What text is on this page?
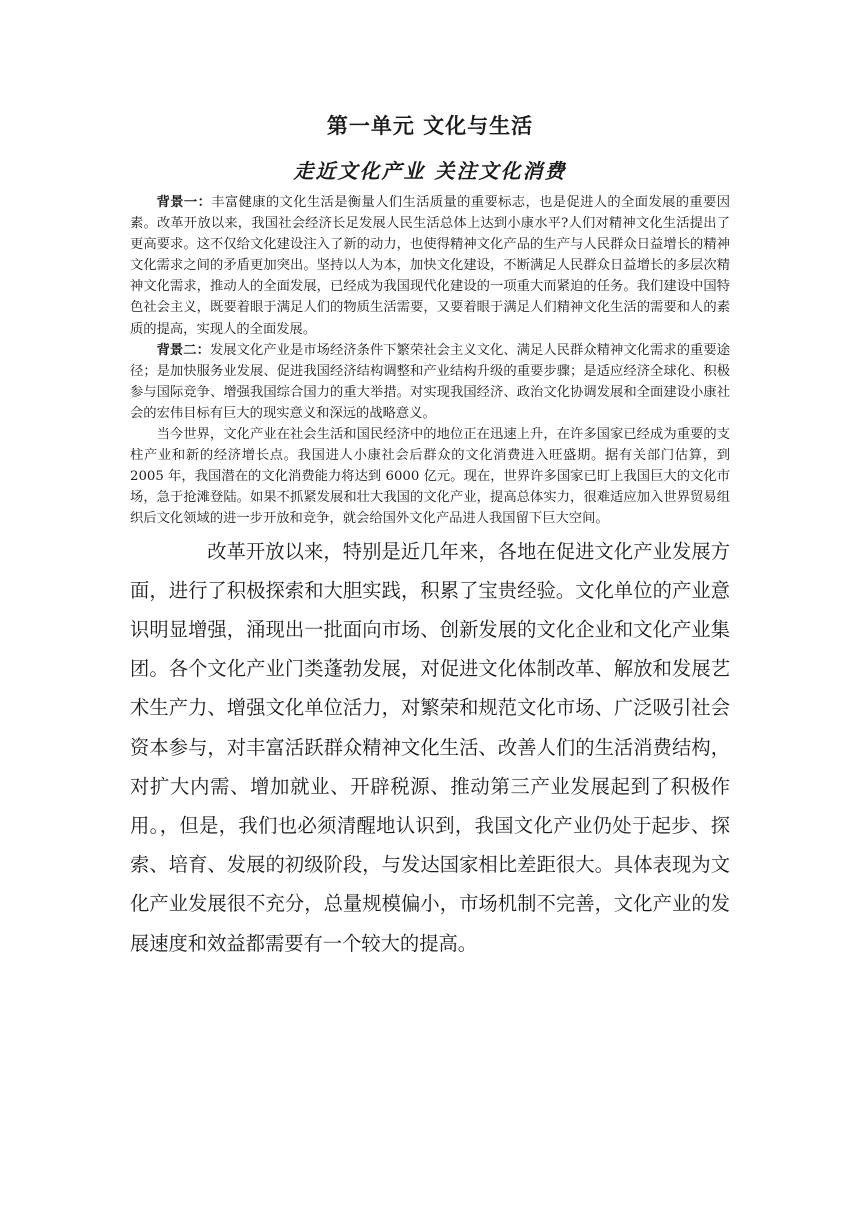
第一单元 文化与生活
走近文化产业 关注文化消费

背景一：丰富健康的文化生活是衡量人们生活质量的重要标志，也是促进人的全面发展的重要因素。改革开放以来，我国社会经济长足发展人民生活总体上达到小康水平?人们对精神文化生活提出了更高要求。这不仅给文化建设注入了新的动力，也使得精神文化产品的生产与人民群众日益增长的精神文化需求之间的矛盾更加突出。坚持以人为本，加快文化建设，不断满足人民群众日益增长的多层次精神文化需求，推动人的全面发展，已经成为我国现代化建设的一项重大而紧迫的任务。我们建设中国特色社会主义，既要着眼于满足人们的物质生活需要，又要着眼于满足人们精神文化生活的需要和人的素质的提高，实现人的全面发展。

背景二：发展文化产业是市场经济条件下繁荣社会主义文化、满足人民群众精神文化需求的重要途径；是加快服务业发展、促进我国经济结构调整和产业结构升级的重要步骤；是适应经济全球化、积极参与国际竞争、增强我国综合国力的重大举措。对实现我国经济、政治文化协调发展和全面建设小康社会的宏伟目标有巨大的现实意义和深远的战略意义。

当今世界，文化产业在社会生活和国民经济中的地位正在迅速上升，在许多国家已经成为重要的支柱产业和新的经济增长点。我国进人小康社会后群众的文化消费进入旺盛期。据有关部门估算，到 2005 年，我国潜在的文化消费能力将达到 6000 亿元。现在，世界许多国家已盯上我国巨大的文化市场，急于抢滩登陆。如果不抓紧发展和壮大我国的文化产业，提高总体实力，很难适应加入世界贸易组织后文化领域的进一步开放和竞争，就会给国外文化产品进人我国留下巨大空间。

改革开放以来，特别是近几年来，各地在促进文化产业发展方面，进行了积极探索和大胆实践，积累了宝贵经验。文化单位的产业意识明显增强，涌现出一批面向市场、创新发展的文化企业和文化产业集团。各个文化产业门类蓬勃发展，对促进文化体制改革、解放和发展艺术生产力、增强文化单位活力，对繁荣和规范文化市场、广泛吸引社会资本参与，对丰富活跃群众精神文化生活、改善人们的生活消费结构，对扩大内需、增加就业、开辟税源、推动第三产业发展起到了积极作用。，但是，我们也必须清醒地认识到，我国文化产业仍处于起步、探索、培育、发展的初级阶段，与发达国家相比差距很大。具体表现为文化产业发展很不充分，总量规模偏小，市场机制不完善，文化产业的发展速度和效益都需要有一个较大的提高。
